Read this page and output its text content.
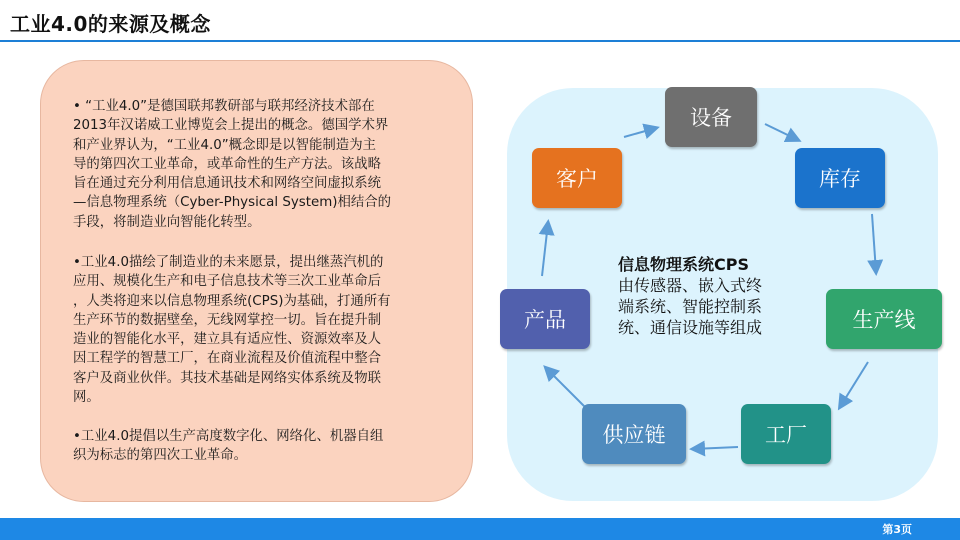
工业4.0的来源及概念

• “工业4.0”是德国联邦教研部与联邦经济技术部在
2013年汉诺威工业博览会上提出的概念。德国学术界
和产业界认为，“工业4.0”概念即是以智能制造为主
导的第四次工业革命，或革命性的生产方法。该战略
旨在通过充分利用信息通讯技术和网络空间虚拟系统
—信息物理系统（Cyber-Physical System)相结合的
手段，将制造业向智能化转型。

•工业4.0描绘了制造业的未来愿景，提出继蒸汽机的
应用、规模化生产和电子信息技术等三次工业革命后
，人类将迎来以信息物理系统(CPS)为基础，打通所有
生产环节的数据壁垒，无线网掌控一切。旨在提升制
造业的智能化水平，建立具有适应性、资源效率及人
因工程学的智慧工厂，在商业流程及价值流程中整合
客户及商业伙伴。其技术基础是网络实体系统及物联
网。

•工业4.0提倡以生产高度数字化、网络化、机器自组
织为标志的第四次工业革命。

设备
库存
生产线
工厂
供应链
产品
客户
信息物理系统CPS
由传感器、嵌入式终
端系统、智能控制系
统、通信设施等组成
第3页
